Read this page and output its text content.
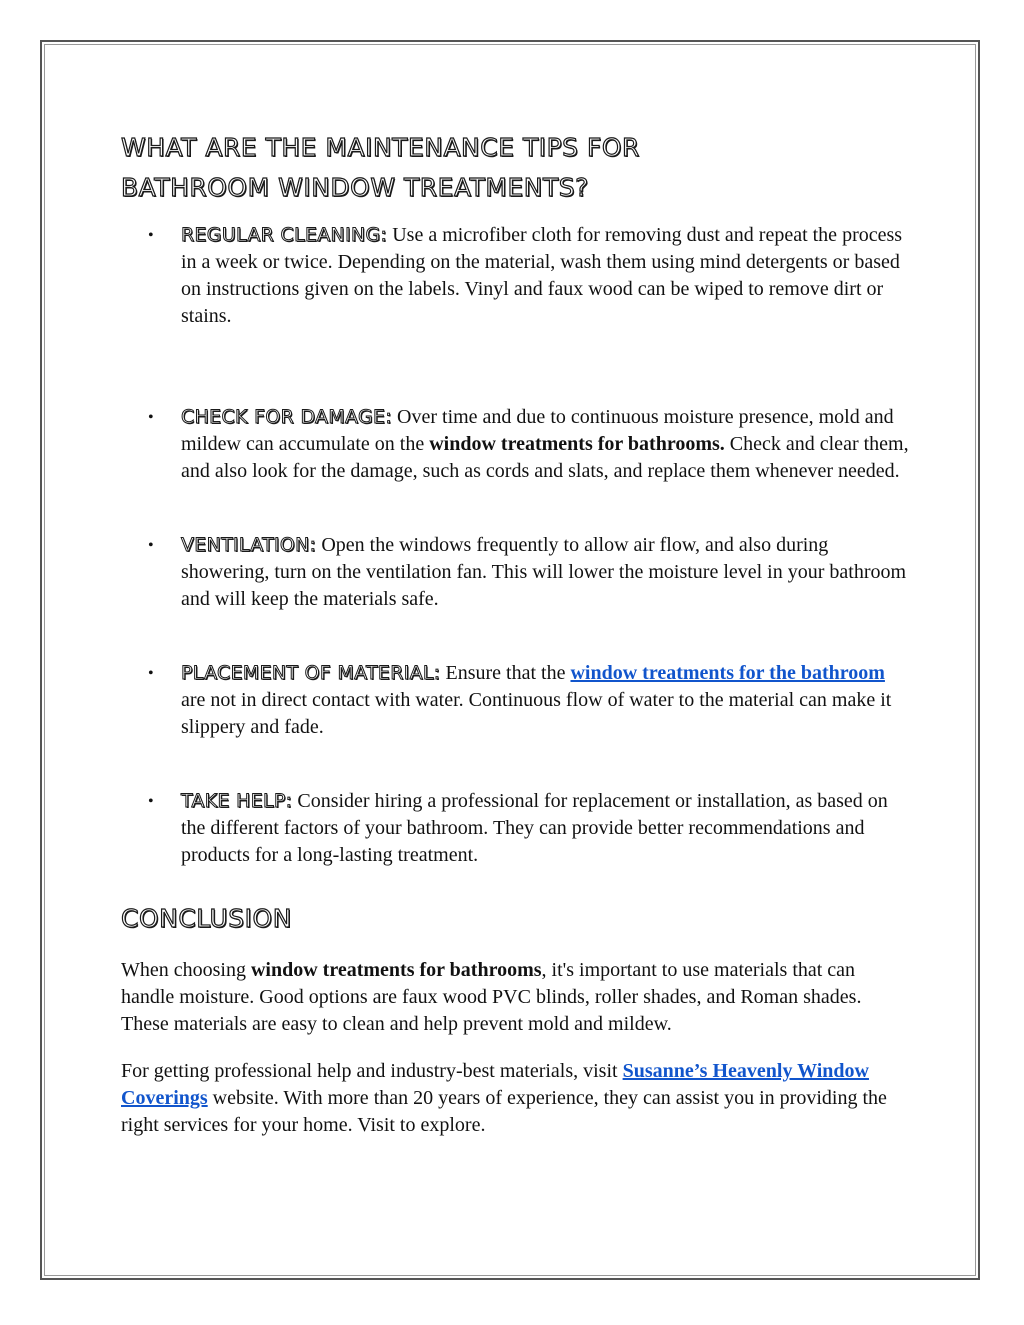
WHAT ARE THE MAINTENANCE TIPS FOR BATHROOM WINDOW TREATMENTS?
• REGULAR CLEANING: Use a microfiber cloth for removing dust and repeat the process in a week or twice. Depending on the material, wash them using mind detergents or based on instructions given on the labels. Vinyl and faux wood can be wiped to remove dirt or stains.
• CHECK FOR DAMAGE: Over time and due to continuous moisture presence, mold and mildew can accumulate on the window treatments for bathrooms. Check and clear them, and also look for the damage, such as cords and slats, and replace them whenever needed.
• VENTILATION: Open the windows frequently to allow air flow, and also during showering, turn on the ventilation fan. This will lower the moisture level in your bathroom and will keep the materials safe.
• PLACEMENT OF MATERIAL: Ensure that the window treatments for the bathroom are not in direct contact with water. Continuous flow of water to the material can make it slippery and fade.
• TAKE HELP: Consider hiring a professional for replacement or installation, as based on the different factors of your bathroom. They can provide better recommendations and products for a long-lasting treatment.
CONCLUSION

When choosing window treatments for bathrooms, it's important to use materials that can handle moisture. Good options are faux wood PVC blinds, roller shades, and Roman shades. These materials are easy to clean and help prevent mold and mildew.

For getting professional help and industry-best materials, visit Susanne’s Heavenly Window Coverings website. With more than 20 years of experience, they can assist you in providing the right services for your home. Visit to explore.
